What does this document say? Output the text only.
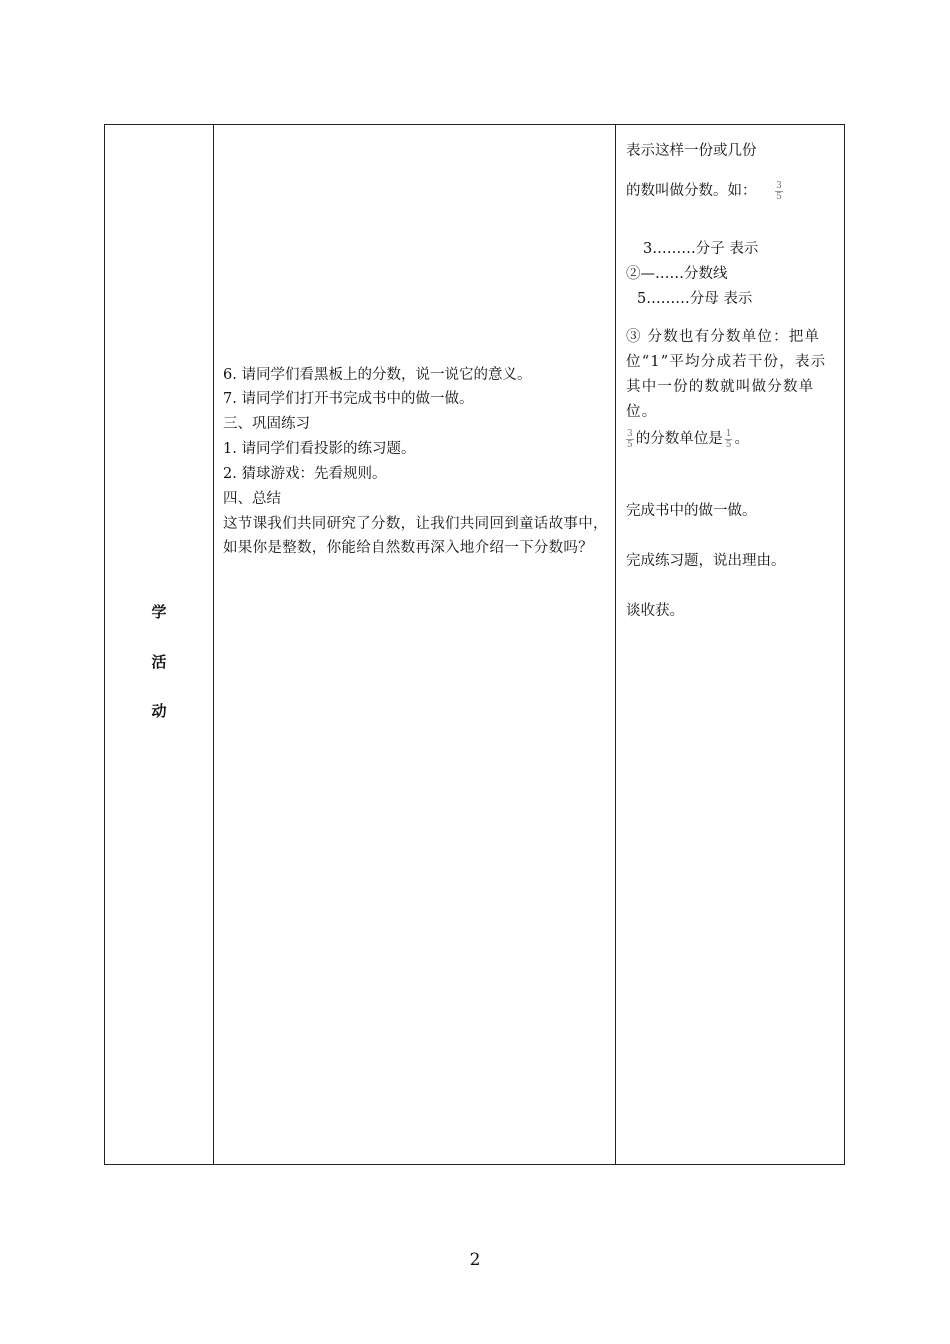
学
活
动
6. 请同学们看黑板上的分数，说一说它的意义。
7. 请同学们打开书完成书中的做一做。
三、巩固练习
1. 请同学们看投影的练习题。
2. 猜球游戏：先看规则。
四、总结
这节课我们共同研究了分数，让我们共同回到童话故事中，如果你是整数，你能给自然数再深入地介绍一下分数吗？
表示这样一份或几份
的数叫做分数。如： $\frac{3}{5}$
3………分子 表示
②—……分数线
5………分母 表示
③ 分数也有分数单位：把单位“1”平均分成若干份，表示其中一份的数就叫做分数单位。
$\frac{3}{5}$ 的分数单位是 $\frac{1}{5}$ 。
完成书中的做一做。
完成练习题，说出理由。
谈收获。
2
